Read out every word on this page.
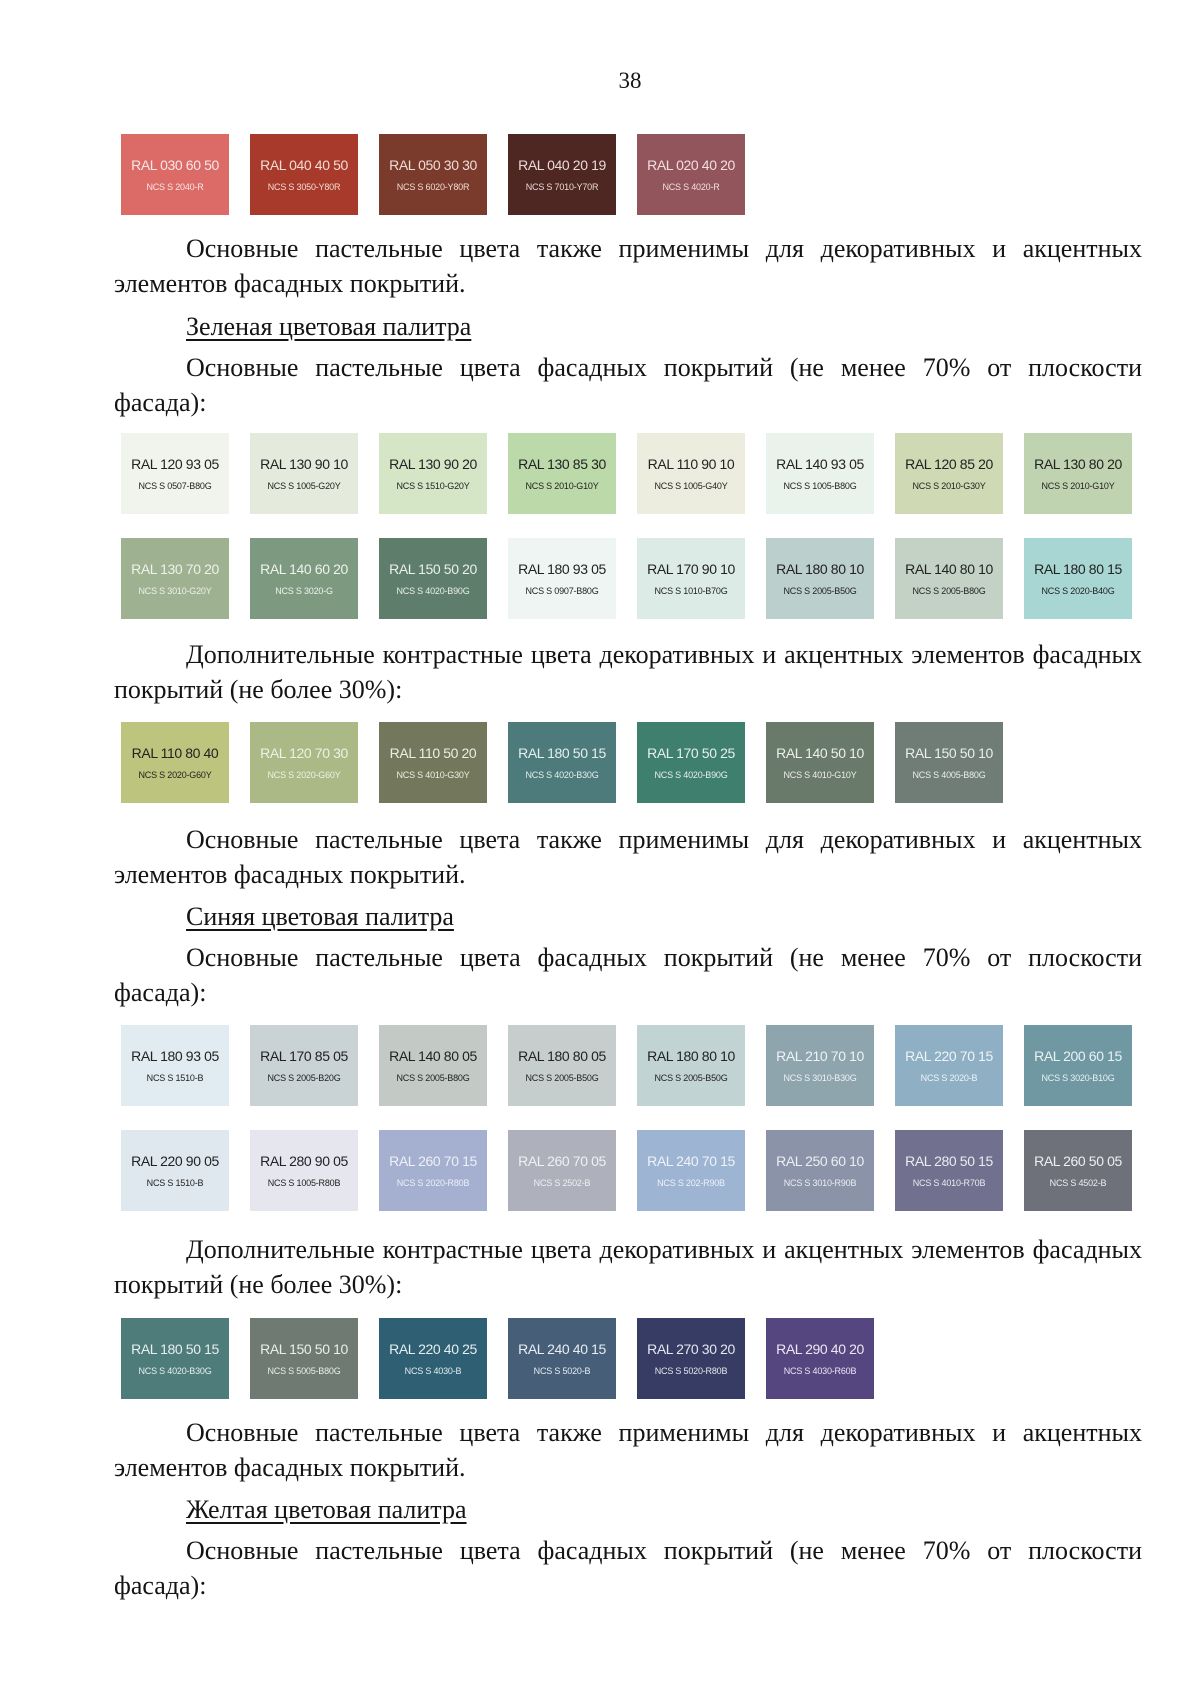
38
RAL 030 60 50
NCS S 2040-R
RAL 040 40 50
NCS S 3050-Y80R
RAL 050 30 30
NCS S 6020-Y80R
RAL 040 20 19
NCS S 7010-Y70R
RAL 020 40 20
NCS S 4020-R

Основные пастельные цвета также применимы для декоративных и акцентных элементов фасадных покрытий.

Зеленая цветовая палитра

Основные пастельные цвета фасадных покрытий (не менее 70% от плоскости фасада):

RAL 120 93 05
NCS S 0507-B80G
RAL 130 90 10
NCS S 1005-G20Y
RAL 130 90 20
NCS S 1510-G20Y
RAL 130 85 30
NCS S 2010-G10Y
RAL 110 90 10
NCS S 1005-G40Y
RAL 140 93 05
NCS S 1005-B80G
RAL 120 85 20
NCS S 2010-G30Y
RAL 130 80 20
NCS S 2010-G10Y
RAL 130 70 20
NCS S 3010-G20Y
RAL 140 60 20
NCS S 3020-G
RAL 150 50 20
NCS S 4020-B90G
RAL 180 93 05
NCS S 0907-B80G
RAL 170 90 10
NCS S 1010-B70G
RAL 180 80 10
NCS S 2005-B50G
RAL 140 80 10
NCS S 2005-B80G
RAL 180 80 15
NCS S 2020-B40G

Дополнительные контрастные цвета декоративных и акцентных элементов фасадных покрытий (не более 30%):

RAL 110 80 40
NCS S 2020-G60Y
RAL 120 70 30
NCS S 2020-G60Y
RAL 110 50 20
NCS S 4010-G30Y
RAL 180 50 15
NCS S 4020-B30G
RAL 170 50 25
NCS S 4020-B90G
RAL 140 50 10
NCS S 4010-G10Y
RAL 150 50 10
NCS S 4005-B80G

Основные пастельные цвета также применимы для декоративных и акцентных элементов фасадных покрытий.

Синяя цветовая палитра

Основные пастельные цвета фасадных покрытий (не менее 70% от плоскости фасада):

RAL 180 93 05
NCS S 1510-B
RAL 170 85 05
NCS S 2005-B20G
RAL 140 80 05
NCS S 2005-B80G
RAL 180 80 05
NCS S 2005-B50G
RAL 180 80 10
NCS S 2005-B50G
RAL 210 70 10
NCS S 3010-B30G
RAL 220 70 15
NCS S 2020-B
RAL 200 60 15
NCS S 3020-B10G
RAL 220 90 05
NCS S 1510-B
RAL 280 90 05
NCS S 1005-R80B
RAL 260 70 15
NCS S 2020-R80B
RAL 260 70 05
NCS S 2502-B
RAL 240 70 15
NCS S 202-R90B
RAL 250 60 10
NCS S 3010-R90B
RAL 280 50 15
NCS S 4010-R70B
RAL 260 50 05
NCS S 4502-B

Дополнительные контрастные цвета декоративных и акцентных элементов фасадных покрытий (не более 30%):

RAL 180 50 15
NCS S 4020-B30G
RAL 150 50 10
NCS S 5005-B80G
RAL 220 40 25
NCS S 4030-B
RAL 240 40 15
NCS S 5020-B
RAL 270 30 20
NCS S 5020-R80B
RAL 290 40 20
NCS S 4030-R60B

Основные пастельные цвета также применимы для декоративных и акцентных элементов фасадных покрытий.

Желтая цветовая палитра

Основные пастельные цвета фасадных покрытий (не менее 70% от плоскости фасада):
